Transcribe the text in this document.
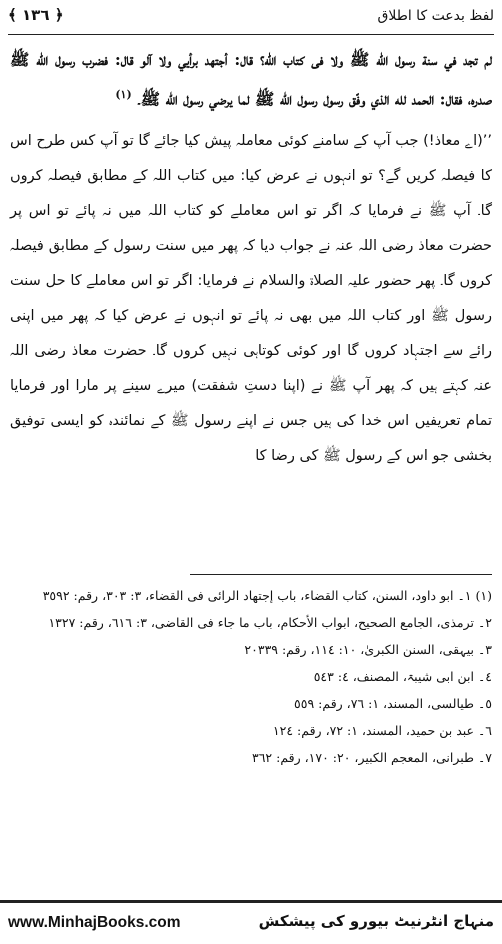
لفظ بدعت کا اطلاق
﴾ ١٣٦ ﴿

لم تجد في سنة رسول الله ﷺ ولا فی كتاب الله؟ قال: أجتهد برأيي ولا آلو قال: فضرب رسول الله ﷺ صدره، فقال: الحمد لله الذي وفّق رسول رسول الله ﷺ لما يرضي رسول الله ﷺ۔ $^{(١)}$

’’(اے معاذ!) جب آپ کے سامنے کوئی معاملہ پیش کیا جائے گا تو آپ کس طرح اس کا فیصلہ کریں گے؟ تو انہوں نے عرض کیا: میں کتاب اللہ کے مطابق فیصلہ کروں گا۔ آپ ﷺ نے فرمایا کہ اگر تو اس معاملے کو کتاب اللہ میں نہ پائے تو اس پر حضرت معاذ رضی اللہ عنہ نے جواب دیا کہ پھر میں سنت رسول کے مطابق فیصلہ کروں گا۔ پھر حضور علیہ الصلاۃ والسلام نے فرمایا: اگر تو اس معاملے کا حل سنت رسول ﷺ اور کتاب اللہ میں بھی نہ پائے تو انہوں نے عرض کیا کہ پھر میں اپنی رائے سے اجتہاد کروں گا اور کوئی کوتاہی نہیں کروں گا۔ حضرت معاذ رضی اللہ عنہ کہتے ہیں کہ پھر آپ ﷺ نے (اپنا دستِ شفقت) میرے سینے پر مارا اور فرمایا تمام تعریفیں اس خدا کی ہیں جس نے اپنے رسول ﷺ کے نمائندہ کو ایسی توفیق بخشی جو اس کے رسول ﷺ کی رضا کا

(١)١۔ ابو داود، السنن، کتاب القضاء، باب إجتهاد الرائی فی القضاء، ٣: ٣٠٣، رقم: ٣٥٩٢
٢۔ ترمذی، الجامع الصحیح، ابواب الأحکام، باب ما جاء فی القاضی، ٣: ٦١٦، رقم: ١٣٢٧
٣۔ بیہقی، السنن الکبریٰ، ١٠: ١١٤، رقم: ٢٠٣٣٩
٤۔ ابن ابی شیبۃ، المصنف، ٤: ٥٤٣
٥۔ طیالسی، المسند، ١: ٧٦، رقم: ٥٥٩
٦۔ عبد بن حمید، المسند، ١: ٧٢، رقم: ١٢٤
٧۔ طبرانی، المعجم الکبیر، ٢٠: ١٧٠، رقم: ٣٦٢
www.MinhajBooks.com	منہاج انٹرنیٹ بیورو کی پیشکش
